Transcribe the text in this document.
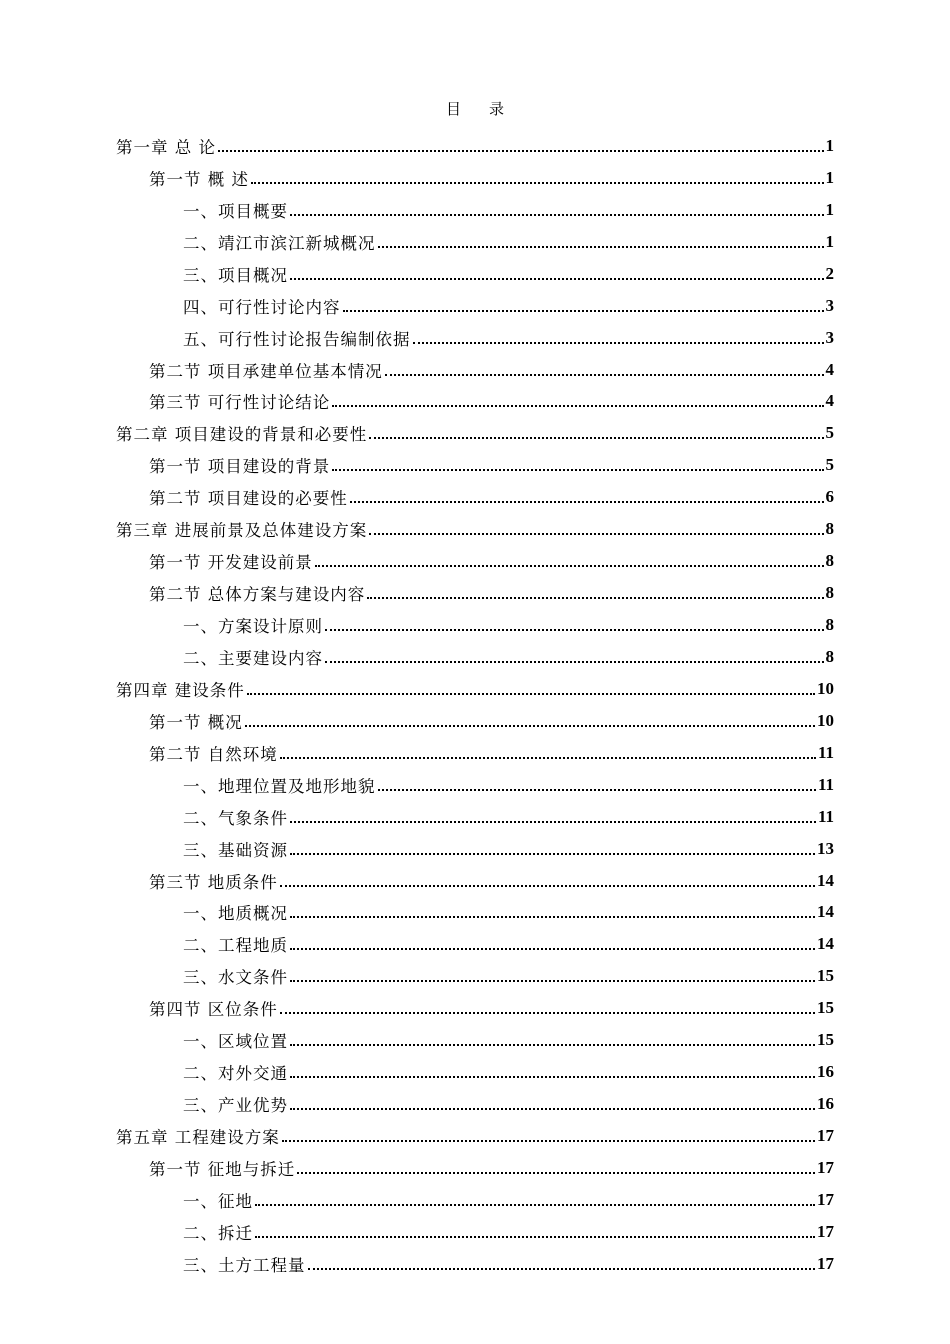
目录
第一章 总 论	1
第一节 概 述	1
一、项目概要	1
二、靖江市滨江新城概况	1
三、项目概况	2
四、可行性讨论内容	3
五、可行性讨论报告编制依据	3
第二节 项目承建单位基本情况	4
第三节 可行性讨论结论	4
第二章 项目建设的背景和必要性	5
第一节 项目建设的背景	5
第二节 项目建设的必要性	6
第三章 进展前景及总体建设方案	8
第一节 开发建设前景	8
第二节 总体方案与建设内容	8
一、方案设计原则	8
二、主要建设内容	8
第四章 建设条件	10
第一节 概况	10
第二节 自然环境	11
一、地理位置及地形地貌	11
二、气象条件	11
三、基础资源	13
第三节 地质条件	14
一、地质概况	14
二、工程地质	14
三、水文条件	15
第四节 区位条件	15
一、区域位置	15
二、对外交通	16
三、产业优势	16
第五章 工程建设方案	17
第一节 征地与拆迁	17
一、征地	17
二、拆迁	17
三、土方工程量	17
